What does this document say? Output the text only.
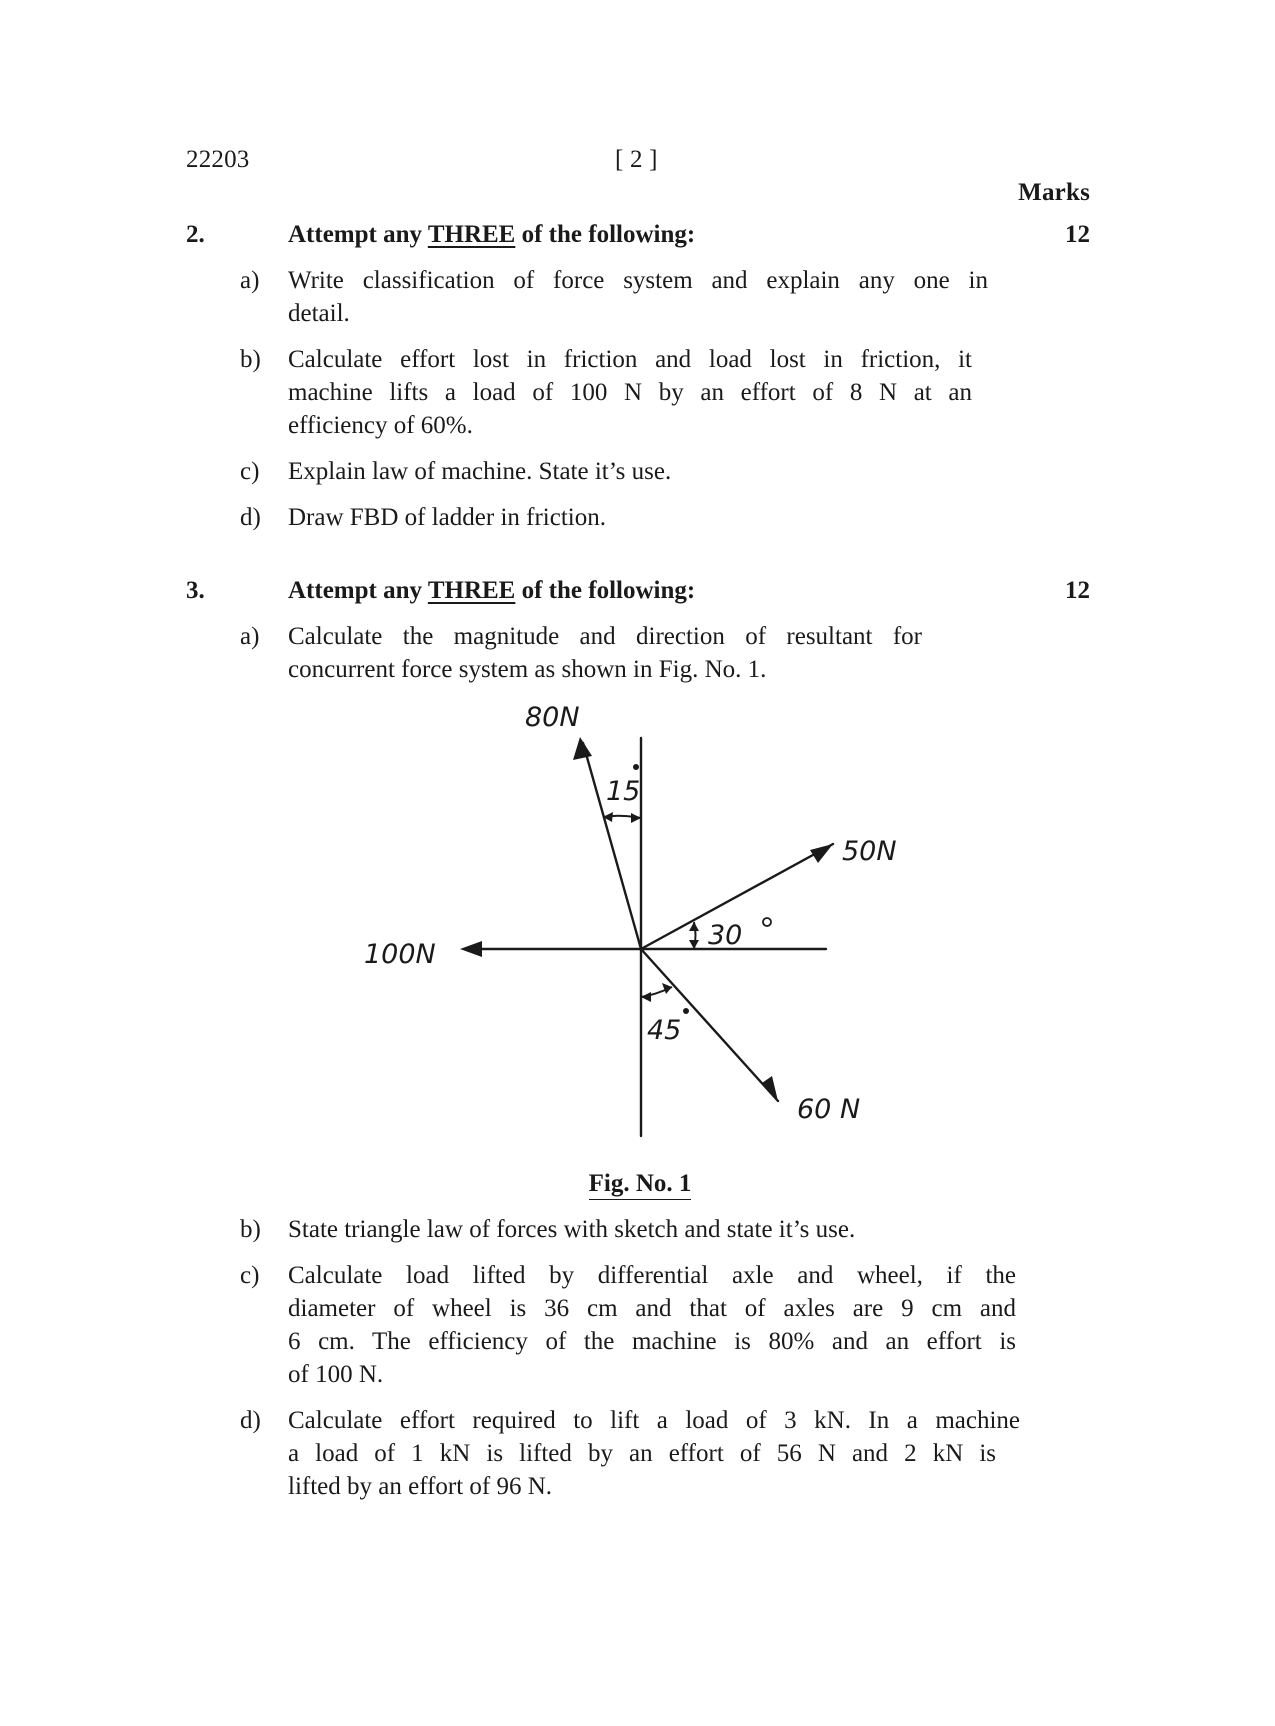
22203	[ 2 ]
Marks
2.	Attempt any THREE of the following:	12
a) Write classification of force system and explain any one in
detail.
b) Calculate effort lost in friction and load lost in friction, it
machine lifts a load of 100 N by an effort of 8 N at an
efficiency of 60%.
c) Explain law of machine. State it’s use.
d) Draw FBD of ladder in friction.
3.	Attempt any THREE of the following:	12
a) Calculate the magnitude and direction of resultant for
concurrent force system as shown in Fig. No. 1.
80N
50N
100N
60 N
15
30
45
Fig. No. 1
b) State triangle law of forces with sketch and state it’s use.
c) Calculate load lifted by differential axle and wheel, if the
diameter of wheel is 36 cm and that of axles are 9 cm and
6 cm. The efficiency of the machine is 80% and an effort is
of 100 N.
d) Calculate effort required to lift a load of 3 kN. In a machine
a load of 1 kN is lifted by an effort of 56 N and 2 kN is
lifted by an effort of 96 N.
